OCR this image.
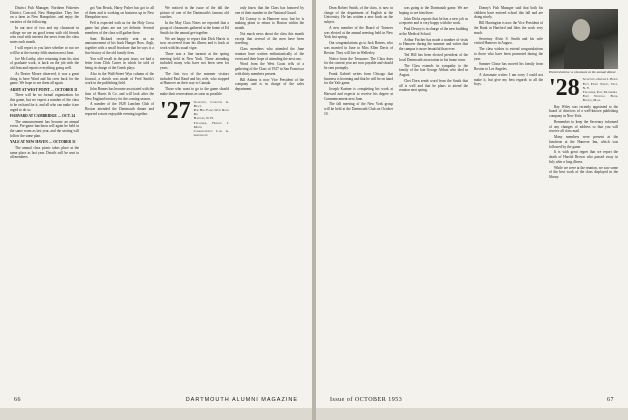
District Fish Manager, Northern Fisheries District, Concord, New Hampshire. They live on a farm in New Hampshire, and enjoy the varieties of the following:

In our nice of two and my classmate in college we are on good terms with old friends who read with interest the news from the class notes each month.

I will report to you later whether or not we will be at the twenty-fifth reunion next June.

Joe McCarthy, after returning from his stint of graduate work, is back on the job with the old firm and reports everything going well.

As Dexter Moore observed, it was a great thing to have Ward and his crew back for the game. We hope to see them all again.

ARMY AT WEST POINT — OCTOBER 31

There will be no formal organization for this game, but we expect a number of the class to be on hand for it, and all who can make it are urged to do so.

HARVARD AT CAMBRIDGE — OCT. 24

The announcement has become an annual event. Pre-game luncheon will again be held in the same room as last year, and the seating will follow the same plan.

YALE AT NEW HAVEN — OCTOBER 31

The annual class picnic takes place at the same place as last year. Details will be sent to all members.

got Van Beuck, Harry Fisher has got to all of them and is working on business up in New Hampshire now.

Pell is expected with us for the Holy Cross game but plans are not yet definite. Several members of the class will gather there.

Sam Rickard recently sent us an announcement of his book Hanger Bros. Argh, together with a small brochure that he says is a fine history of the old family firm.

You will recall in the past issue, we had a letter from Dick Carter in which he told of being in charge of the Greek plays.

Also in the Wall-Street Wyn column of the Journal, a sketch was made of Fred Smith's work in the publishing field.

John Barnes has become associated with the firm of Harris & Co. and will look after the New England territory for the coming season.

A number of the 1928 Lunchen Club of Boston attended the Dartmouth dinner and reported a most enjoyable evening together.

We noticed in the issue of the fall the picture of one of the Dartmouth's famous old coaches.

In the May Class Notes we reported that a group of classmates gathered at the home of Ed Smith for the annual get-together.

We are happy to report that Dick Harris is now recovered from his illness and is back at work with his usual vigor.

There was a fine turnout at the spring meeting held in New York. Those attending included many who have not been seen for years.

The first two of the summer visitors included Paul Rand and his wife, who stopped at Hanover on their way to Canada.

Those who want to go to the game should make their reservations as soon as possible.

'27 Secretary, Carleton G. Beach
Pine Hill Farm, West River Rd.
Hanover, N. H.
Treasurer, Harold J. Meyer
Correspondent: Carl G. Greenbaum

only know that the Class has honored by one of their number in the National Guard.

Ed Conroy is in Hanover now, but he is making plans to return to Boston within the month.

Not much news about the class this month except that several of the men have been traveling.

Class members who attended the June reunion have written enthusiastically of the event and their hope of attending the next one.

Word from the West Coast tells of a gathering of the Class of 1927 in San Francisco with thirty members present.

Bill Adams is now Vice President of the company and is in charge of the sales department.

66	DARTMOUTH ALUMNI MAGAZINE

Dean Robert Smith, of the class, is now in charge of the department of English at the University. He has written a new book on the subject.

A new member of the Board of Trustees was elected at the annual meeting held in New York last spring.

Our congratulations go to Jack Barnes, who was married in June to Miss Ellen Davis of Boston. They will live in Wellesley.

Notice from the Treasurer: The Class dues for the current year are now payable and should be sent promptly.

Frank Gabriel writes from Chicago that business is booming and that he will be on hand for the Yale game.

Joseph Kastner is completing his work at Harvard and expects to receive his degree at Commencement next June.

The fall meeting of the New York group will be held at the Dartmouth Club on October 10.

was going to the Dartmouth game. We are hoping to see him there.

John Dicks reports that he has a new job as a reporter and is very happy with the work.

Paul Dewey is in charge of the new building at the Medical School.

Arthur Fischer has made a number of visits to Hanover during the summer and writes that the campus is more beautiful than ever.

Ted Hill has been elected president of the local Dartmouth association in his home town.

The Class extends its sympathy to the family of the late George Abbott who died in August.

Chet Dorn sends word from the South that all is well and that he plans to attend the reunion next spring.

Donny's Fish Manager said that both his children have entered school this fall and are doing nicely.

Bill Harrington is now the Vice President of the Bank in Hartford and likes the work very much.

Secretary Alvin S. Smith and his wife visited Hanover in August.

The class wishes to extend congratulations to those who have been promoted during the year.

Sumner Chase has moved his family from Boston to Los Angeles.

A classmate writes: I am sorry I could not make it, but give my best regards to all the boys.

Pictured above: a classmate at the annual dinner.
'28 Secretary, Osmond J. Bodge
Fifty Front Street, Troy, N. Y.
Treasurer, Paul M. Grimes
First National Bank, Boston, Mass.

Ray Wiley was recently appointed to the board of directors of a well-known publishing company in New York.

Remember to keep the Secretary informed of any changes of address so that you will receive all class mail.

Many members were present at the luncheon at the Hanover Inn, which was followed by the game.

It is with great regret that we report the death of Harold Brown who passed away in July after a long illness.

While we were at the reunion, we saw some of the best work of the class displayed in the library.

Issue of OCTOBER 1953	67
